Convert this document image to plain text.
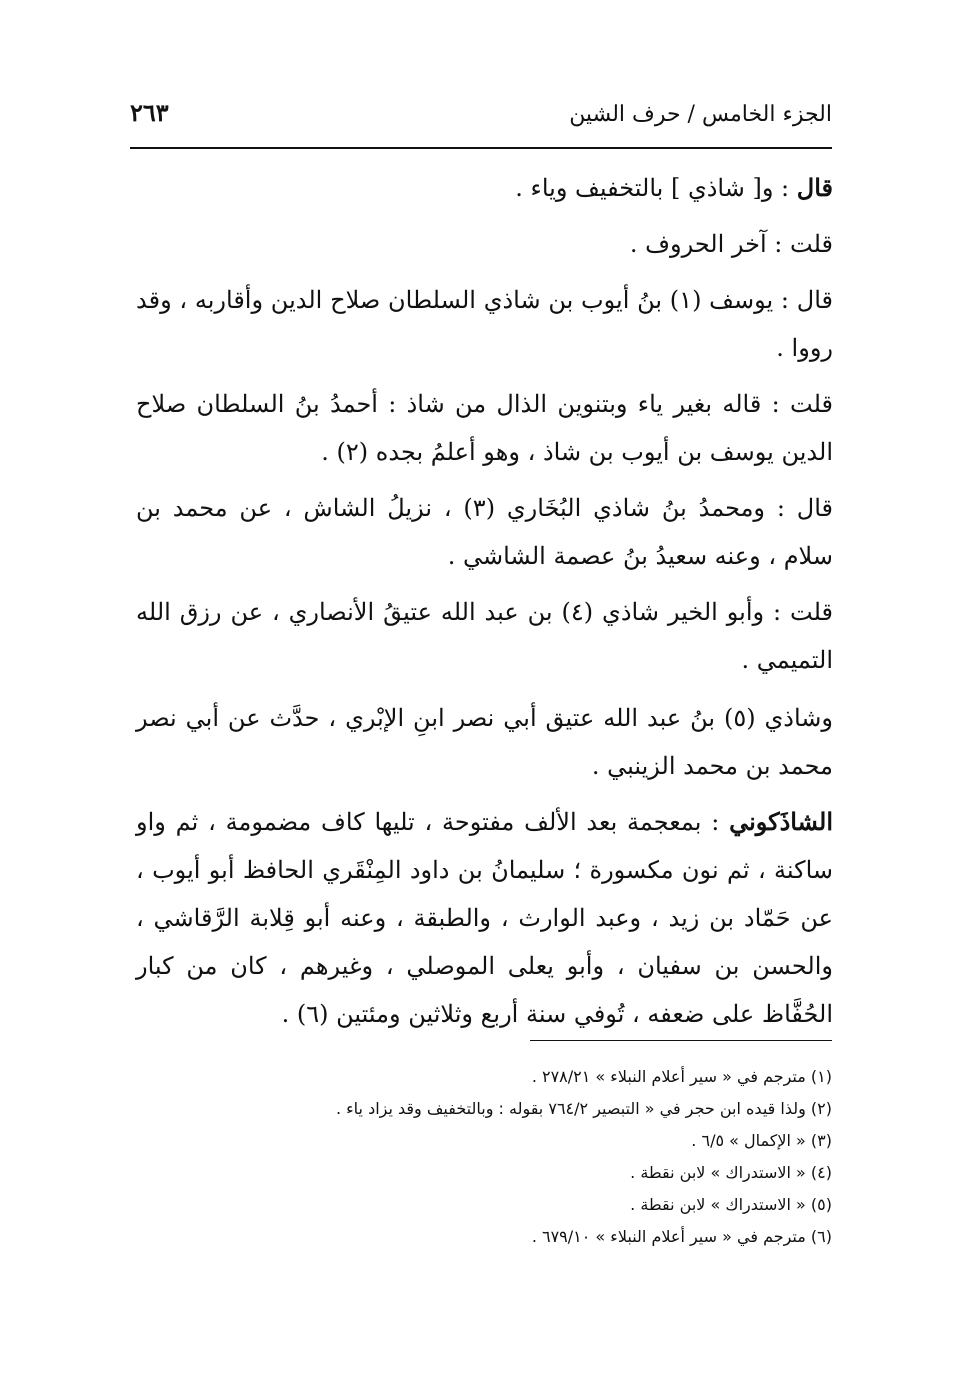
الجزء الخامس / حرف الشين
٢٦٣

قال : و[ شاذي ] بالتخفيف وياء .

قلت : آخر الحروف .

قال : يوسف (١) بنُ أيوب بن شاذي السلطان صلاح الدين وأقاربه ، وقد رووا .

قلت : قاله بغير ياء وبتنوين الذال من شاذ : أحمدُ بنُ السلطان صلاح الدين يوسف بن أيوب بن شاذ ، وهو أعلمُ بجده (٢) .

قال : ومحمدُ بنُ شاذي البُخَاري (٣) ، نزيلُ الشاش ، عن محمد بن سلام ، وعنه سعيدُ بنُ عصمة الشاشي .

قلت : وأبو الخير شاذي (٤) بن عبد الله عتيقُ الأنصاري ، عن رزق الله التميمي .

وشاذي (٥) بنُ عبد الله عتيق أبي نصر ابنِ الإبْري ، حدَّث عن أبي نصر محمد بن محمد الزينبي .

الشاذَكوني : بمعجمة بعد الألف مفتوحة ، تليها كاف مضمومة ، ثم واو ساكنة ، ثم نون مكسورة ؛ سليمانُ بن داود المِنْقَري الحافظ أبو أيوب ، عن حَمّاد بن زيد ، وعبد الوارث ، والطبقة ، وعنه أبو قِلابة الرَّقاشي ، والحسن بن سفيان ، وأبو يعلى الموصلي ، وغيرهم ، كان من كبار الحُفَّاظ على ضعفه ، تُوفي سنة أربع وثلاثين ومئتين (٦) .

(١) مترجم في « سير أعلام النبلاء » ٢٧٨/٢١ .
(٢) ولذا قيده ابن حجر في « التبصير ٧٦٤/٢ بقوله : وبالتخفيف وقد يزاد ياء .
(٣) « الإكمال » ٦/٥ .
(٤) « الاستدراك » لابن نقطة .
(٥) « الاستدراك » لابن نقطة .
(٦) مترجم في « سير أعلام النبلاء » ٦٧٩/١٠ .
